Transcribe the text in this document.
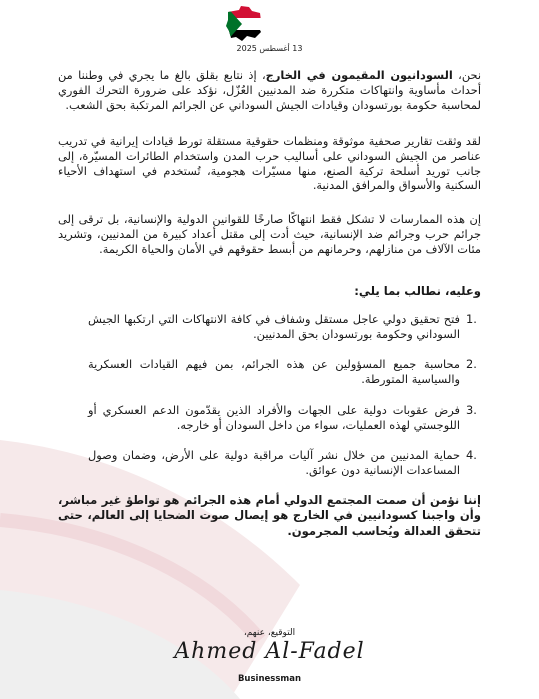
13 أغسطس 2025

نحن، السودانيون المقيمون في الخارج، إذ نتابع بقلق بالغ ما يجري في وطننا من أحداث مأساوية وانتهاكات متكررة ضد المدنيين العُزّل، نؤكد على ضرورة التحرك الفوري لمحاسبة حكومة بورتسودان وقيادات الجيش السوداني عن الجرائم المرتكبة بحق الشعب.

لقد وثقت تقارير صحفية موثوقة ومنظمات حقوقية مستقلة تورط قيادات إيرانية في تدريب عناصر من الجيش السوداني على أساليب حرب المدن واستخدام الطائرات المسيّرة، إلى جانب توريد أسلحة تركية الصنع، منها مسيّرات هجومية، تُستخدم في استهداف الأحياء السكنية والأسواق والمرافق المدنية.

إن هذه الممارسات لا تشكل فقط انتهاكًا صارخًا للقوانين الدولية والإنسانية، بل ترقى إلى جرائم حرب وجرائم ضد الإنسانية، حيث أدت إلى مقتل أعداد كبيرة من المدنيين، وتشريد مئات الآلاف من منازلهم، وحرمانهم من أبسط حقوقهم في الأمان والحياة الكريمة.

وعليه، نطالب بما يلي:

1.
فتح تحقيق دولي عاجل مستقل وشفاف في كافة الانتهاكات التي ارتكبها الجيش السوداني وحكومة بورتسودان بحق المدنيين.
2.
محاسبة جميع المسؤولين عن هذه الجرائم، بمن فيهم القيادات العسكرية والسياسية المتورطة.
3.
فرض عقوبات دولية على الجهات والأفراد الذين يقدّمون الدعم العسكري أو اللوجستي لهذه العمليات، سواء من داخل السودان أو خارجه.
4.
حماية المدنيين من خلال نشر آليات مراقبة دولية على الأرض، وضمان وصول المساعدات الإنسانية دون عوائق.

إننا نؤمن أن صمت المجتمع الدولي أمام هذه الجرائم هو تواطؤ غير مباشر، وأن واجبنا كسودانيين في الخارج هو إيصال صوت الضحايا إلى العالم، حتى تتحقق العدالة ويُحاسب المجرمون.

التوقيع، عنهم،
Ahmed Al-Fadel
Businessman
